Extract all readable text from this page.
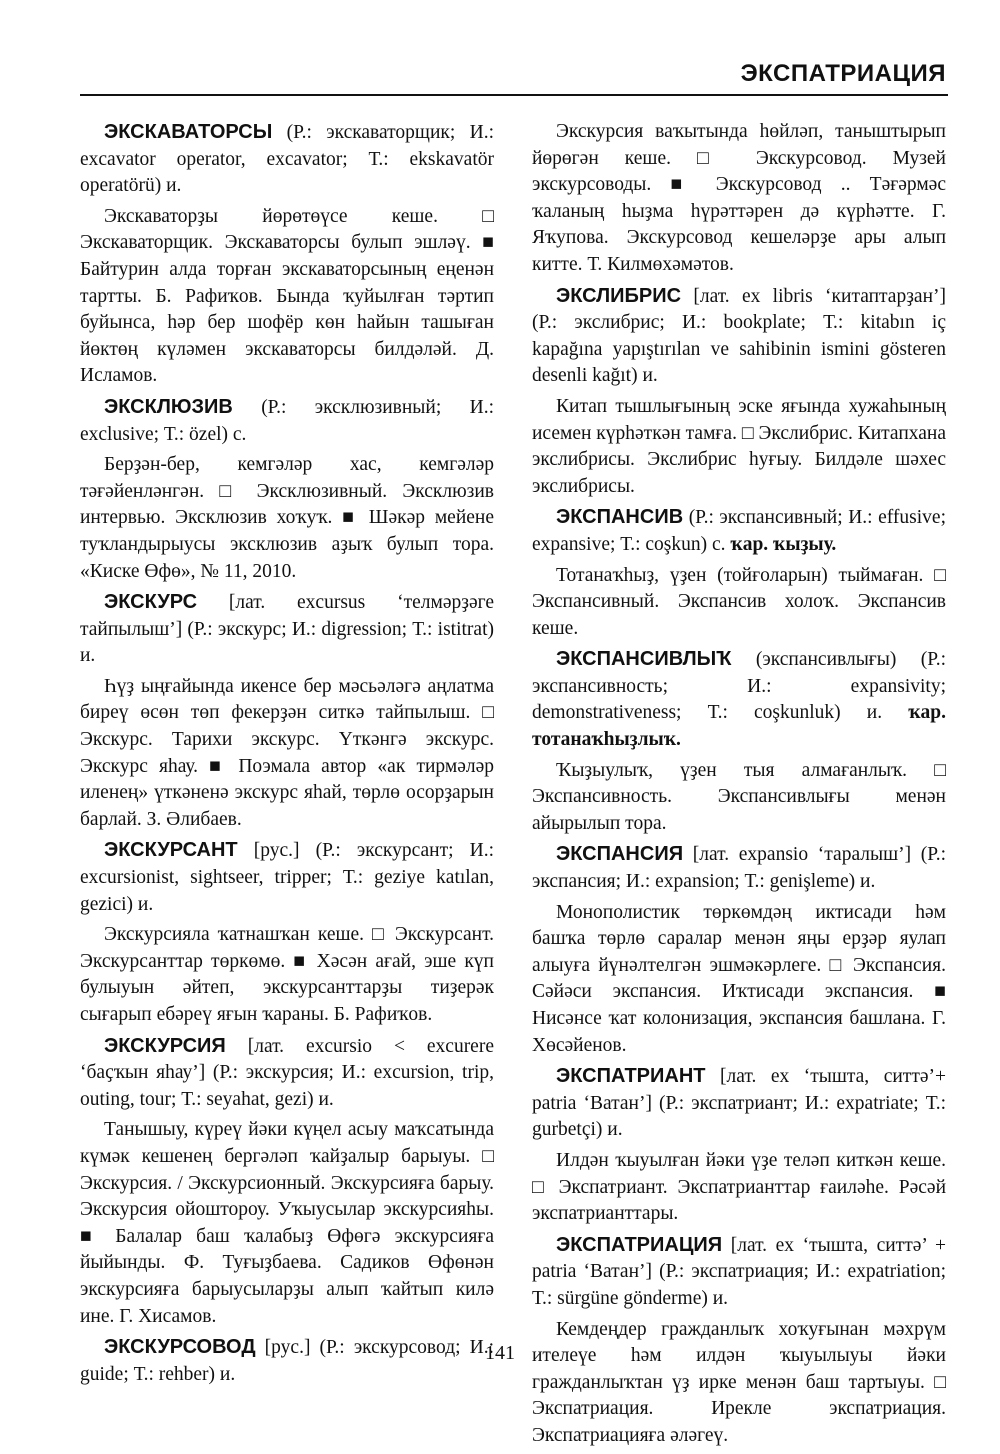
ЭКСПАТРИАЦИЯ

ЭКСКАВАТОРСЫ (Р.: экскаваторщик; И.: excavator operator, excavator; Т.: ekskavatör operatörü) и.

Экскаваторҙы йөрөтөүсе кеше. □ Экскаваторщик. Экскаваторсы булып эшләү. ■ Байтурин алда торған экскаваторсының еңенән тартты. Б. Рафиҡов. Бында ҡуйылған тәртип буйынса, һәр бер шофёр көн һайын ташыған йөктөң күләмен экскаваторсы билдәләй. Д. Исламов.

ЭКСКЛЮЗИВ (Р.: эксклюзивный; И.: exclusive; Т.: özel) с.

Берҙән-бер, кемгәләр хас, кемгәләр тәғәйенләнгән. □ Эксклюзивный. Эксклюзив интервью. Эксклюзив хоҡуҡ. ■ Шәкәр мейене туҡландырыусы эксклюзив аҙыҡ булып тора. «Киске Өфө», № 11, 2010.

ЭКСКУРС [лат. excursus ‘телмәрҙәге тайпылыш’] (Р.: экскурс; И.: digression; Т.: istitrat) и.

Һүҙ ыңғайында икенсе бер мәсьәләгә аңлатма биреү өсөн төп фекерҙән ситкә тайпылыш. □ Экскурс. Тарихи экскурс. Үткәнгә экскурс. Экскурс яһау. ■ Поэмала автор «ак тирмәләр иленең» үткәненә экскурс яһай, төрлө осорҙарын барлай. З. Әлибаев.

ЭКСКУРСАНТ [рус.] (Р.: экскурсант; И.: excursionist, sightseer, tripper; Т.: geziye katılan, gezici) и.

Экскурсияла ҡатнашҡан кеше. □ Экскурсант. Экскурсанттар төркөмө. ■ Хәсән ағай, эше күп булыуын әйтеп, экскурсанттарҙы тиҙерәк сығарып ебәреү яғын ҡараны. Б. Рафиҡов.

ЭКСКУРСИЯ [лат. excursio < excurere ‘баҫҡын яһау’] (Р.: экскурсия; И.: excursion, trip, outing, tour; Т.: seyahat, gezi) и.

Танышыу, күреү йәки күңел асыу маҡсатында күмәк кешенең бергәләп ҡайҙалыр барыуы. □ Экскурсия. / Экскурсионный. Экскурсияға барыу. Экскурсия ойоштороу. Уҡыусылар экскурсияһы. ■ Балалар баш ҡалабыҙ Өфөгә экскурсияға йыйынды. Ф. Туғыҙбаева. Садиков Өфөнән экскурсияға барыусыларҙы алып ҡайтып килә ине. Г. Хисамов.

ЭКСКУРСОВОД [рус.] (Р.: экскурсовод; И.: guide; Т.: rehber) и.

Экскурсия ваҡытында һөйләп, таныштырып йөрөгән кеше. □ Экскурсовод. Музей экскурсоводы. ■ Экскурсовод .. Тәғәрмәс ҡаланың һыҙма һүрәттәрен дә күрһәтте. Г. Яҡупова. Экскурсовод кешеләрҙе ары алып китте. Т. Килмөхәмәтов.

ЭКСЛИБРИС [лат. ex libris ‘китаптарҙан’] (Р.: экслибрис; И.: bookplate; Т.: kitabın iç kapağına yapıştırılan ve sahibinin ismini gösteren desenli kağıt) и.

Китап тышлығының эске яғында хужаһының исемен күрһәткән тамға. □ Экслибрис. Китапхана экслибрисы. Экслибрис һуғыу. Билдәле шәхес экслибрисы.

ЭКСПАНСИВ (Р.: экспансивный; И.: effusive; expansive; Т.: coşkun) с. ҡар. ҡыҙыу.

Тотанаҡһыҙ, үҙен (тойғоларын) тыймаған. □ Экспансивный. Экспансив холоҡ. Экспансив кеше.

ЭКСПАНСИВЛЫҠ (экспансивлығы) (Р.: экспансивность; И.: expansivity; demonstrativeness; Т.: coşkunluk) и. ҡар. тотанаҡһыҙлыҡ.

Ҡыҙыулыҡ, үҙен тыя алмағанлыҡ. □ Экспансивность. Экспансивлығы менән айырылып тора.

ЭКСПАНСИЯ [лат. expansio ‘таралыш’] (Р.: экспансия; И.: expansion; Т.: genişleme) и.

Монополистик төркөмдәң иктисади һәм башҡа төрлө саралар менән яңы ерҙәр яулап алыуға йүнәлтелгән эшмәкәрлеге. □ Экспансия. Сәйәси экспансия. Иҡтисади экспансия. ■ Нисәнсе ҡат колонизация, экспансия башлана. Г. Хөсәйенов.

ЭКСПАТРИАНТ [лат. ex ‘тышта, ситтә’+ patria ‘Ватан’] (Р.: экспатриант; И.: expatriate; Т.: gurbetçi) и.

Илдән ҡыуылған йәки үҙе теләп киткән кеше. □ Экспатриант. Экспатрианттар ғаиләһе. Рәсәй экспатрианттары.

ЭКСПАТРИАЦИЯ [лат. ex ‘тышта, ситтә’ + patria ‘Ватан’] (Р.: экспатриация; И.: expatriation; Т.: sürgüne gönderme) и.

Кемдеңдер гражданлыҡ хоҡуғынан мәхрүм ителеүе һәм илдән ҡыуылыуы йәки гражданлыҡтан үҙ ирке менән баш тартыуы. □ Экспатриация. Ирекле экспатриация. Экспатриацияға әләгеү.

141
